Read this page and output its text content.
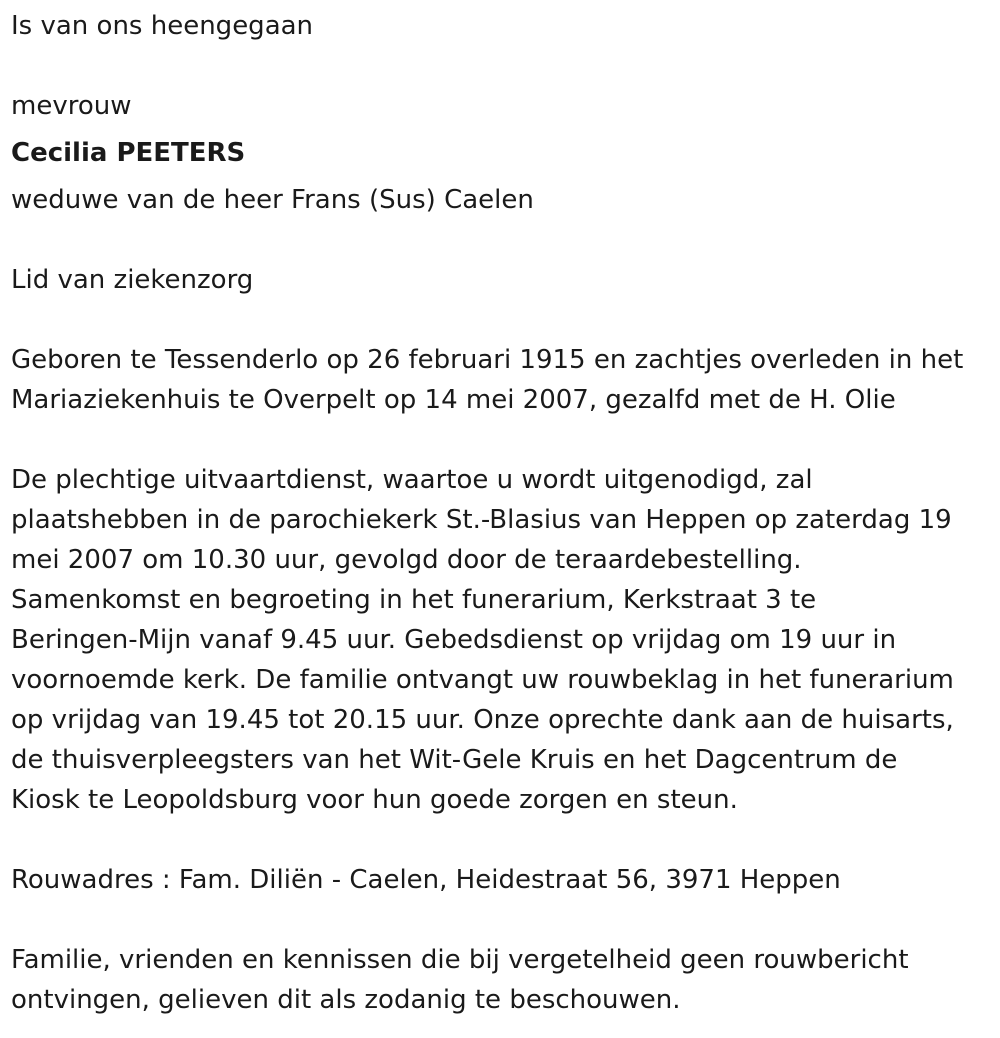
Is van ons heengegaan

mevrouw

Cecilia PEETERS

weduwe van de heer Frans (Sus) Caelen

Lid van ziekenzorg

Geboren te Tessenderlo op 26 februari 1915 en zachtjes overleden in het

Mariaziekenhuis te Overpelt op 14 mei 2007, gezalfd met de H. Olie

De plechtige uitvaartdienst, waartoe u wordt uitgenodigd, zal

plaatshebben in de parochiekerk St.-Blasius van Heppen op zaterdag 19

mei 2007 om 10.30 uur, gevolgd door de teraardebestelling.

Samenkomst en begroeting in het funerarium, Kerkstraat 3 te

Beringen-Mijn vanaf 9.45 uur. Gebedsdienst op vrijdag om 19 uur in

voornoemde kerk. De familie ontvangt uw rouwbeklag in het funerarium

op vrijdag van 19.45 tot 20.15 uur. Onze oprechte dank aan de huisarts,

de thuisverpleegsters van het Wit-Gele Kruis en het Dagcentrum de

Kiosk te Leopoldsburg voor hun goede zorgen en steun.

Rouwadres : Fam. Diliën - Caelen, Heidestraat 56, 3971 Heppen

Familie, vrienden en kennissen die bij vergetelheid geen rouwbericht

ontvingen, gelieven dit als zodanig te beschouwen.
